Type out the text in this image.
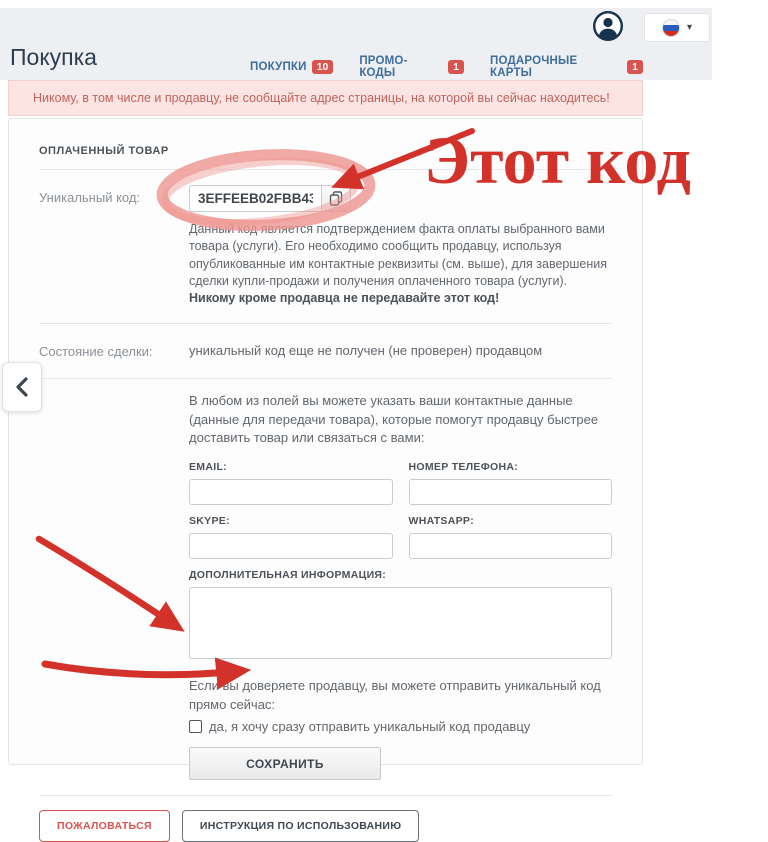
▾
Покупка	ПОКУПКИ 10	ПРОМО-КОДЫ
1	ПОДАРОЧНЫЕ КАРТЫ
1
Никому, в том числе и продавцу, не сообщайте адрес страницы, на которой вы сейчас находитесь!
ОПЛАЧЕННЫЙ ТОВАР
Уникальный код:
3EFFEEB02FBB4328
Данный код является подтверждением факта оплаты выбранного вами товара (услуги). Его необходимо сообщить продавцу, используя опубликованные им контактные реквизиты (см. выше), для завершения сделки купли-продажи и получения оплаченного товара (услуги). Никому кроме продавца не передавайте этот код!
Состояние сделки:	уникальный код еще не получен (не проверен) продавцом
В любом из полей вы можете указать ваши контактные данные (данные для передачи товара), которые помогут продавцу быстрее доставить товар или связаться с вами:
EMAIL:	НОМЕР ТЕЛЕФОНА:
SKYPE:	WHATSAPP:
ДОПОЛНИТЕЛЬНАЯ ИНФОРМАЦИЯ:
Если вы доверяете продавцу, вы можете отправить уникальный код прямо сейчас:
да, я хочу сразу отправить уникальный код продавцу
СОХРАНИТЬ
ПОЖАЛОВАТЬСЯ	ИНСТРУКЦИЯ ПО ИСПОЛЬЗОВАНИЮ
Этот код
